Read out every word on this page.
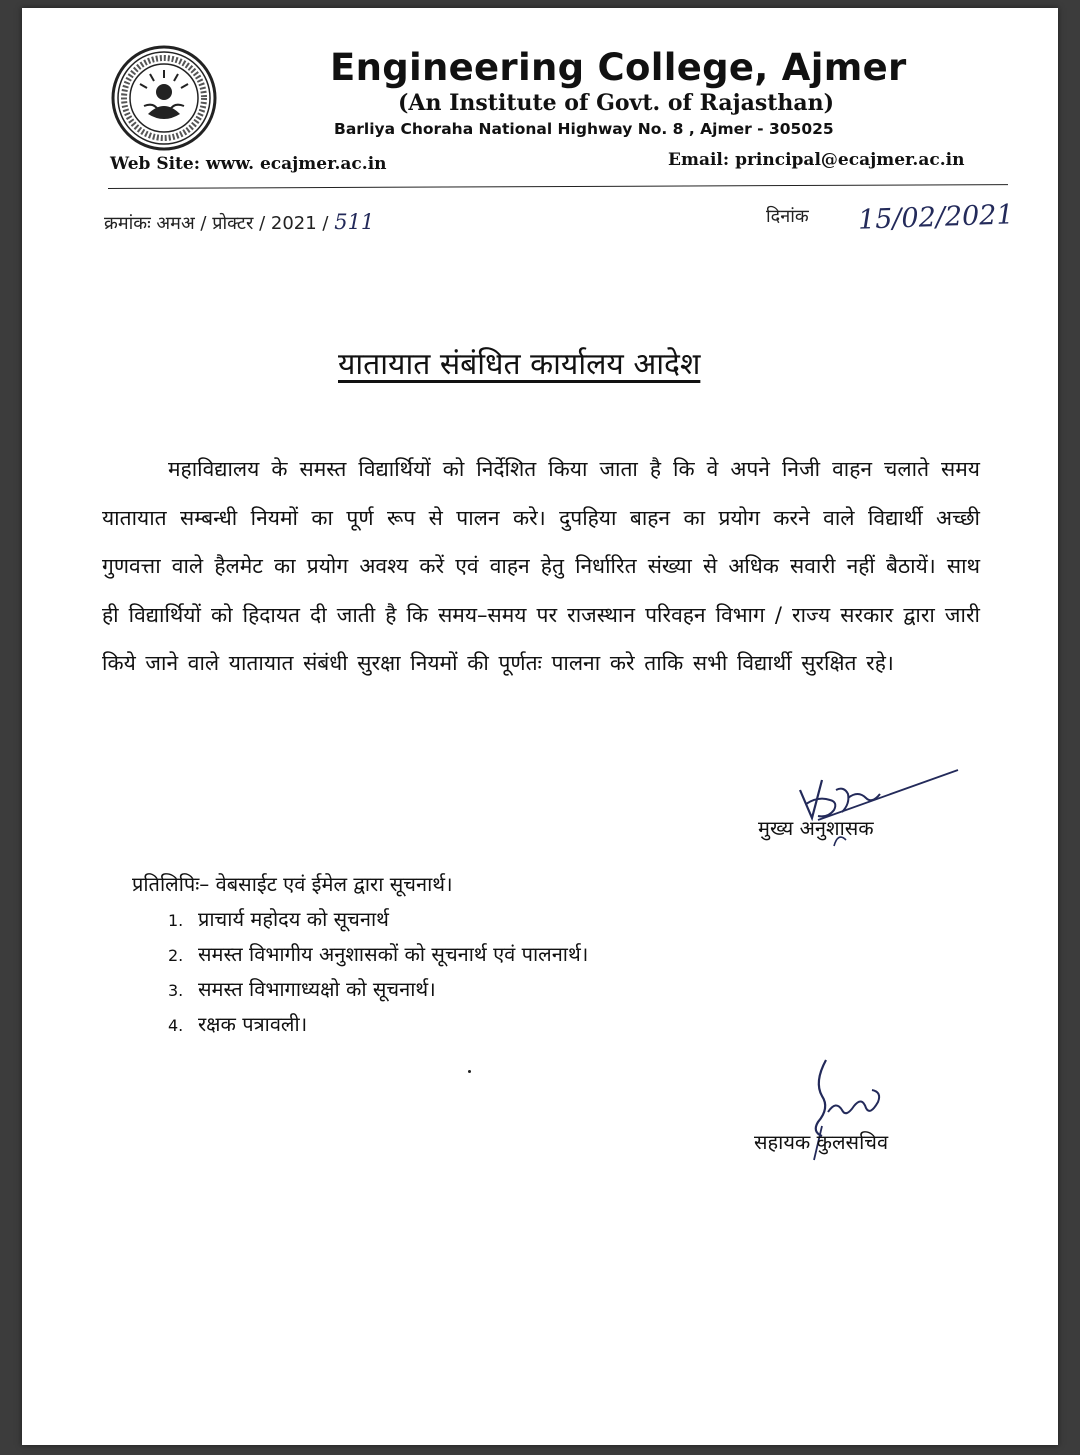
Engineering College, Ajmer
(An Institute of Govt. of Rajasthan)
Barliya Choraha National Highway No. 8 , Ajmer - 305025
Web Site: www. ecajmer.ac.in	Email: principal@ecajmer.ac.in
क्रमांकः अमअ / प्रोक्टर / 2021 / 511	दिनांक 15/02/2021
यातायात संबंधित कार्यालय आदेश

महाविद्यालय के समस्त विद्यार्थियों को निर्देशित किया जाता है कि वे अपने निजी वाहन चलाते समय यातायात सम्बन्धी नियमों का पूर्ण रूप से पालन करे। दुपहिया बाहन का प्रयोग करने वाले विद्यार्थी अच्छी गुणवत्ता वाले हैलमेट का प्रयोग अवश्य करें एवं वाहन हेतु निर्धारित संख्या से अधिक सवारी नहीं बैठायें। साथ ही विद्यार्थियों को हिदायत दी जाती है कि समय–समय पर राजस्थान परिवहन विभाग / राज्य सरकार द्वारा जारी किये जाने वाले यातायात संबंधी सुरक्षा नियमों की पूर्णतः पालना करे ताकि सभी विद्यार्थी सुरक्षित रहे।

मुख्य अनुशासक
प्रतिलिपिः– वेबसाईट एवं ईमेल द्वारा सूचनार्थ।
1. प्राचार्य महोदय को सूचनार्थ
2. समस्त विभागीय अनुशासकों को सूचनार्थ एवं पालनार्थ।
3. समस्त विभागाध्यक्षो को सूचनार्थ।
4. रक्षक पत्रावली।
सहायक कुलसचिव
